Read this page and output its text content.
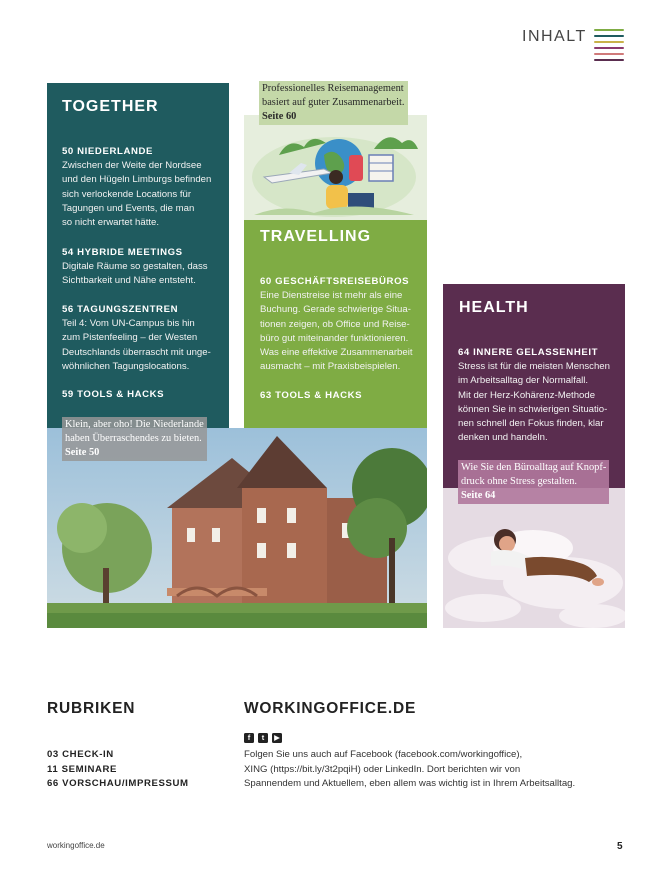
INHALT
TOGETHER
50 NIEDERLANDE
Zwischen der Weite der Nordsee
und den Hügeln Limburgs befinden
sich verlockende Locations für
Tagungen und Events, die man
so nicht erwartet hätte.
54 HYBRIDE MEETINGS
Digitale Räume so gestalten, dass
Sichtbarkeit und Nähe entsteht.
56 TAGUNGSZENTREN
Teil 4: Vom UN-Campus bis hin
zum Pistenfeeling – der Westen
Deutschlands überrascht mit unge-
wöhnlichen Tagungslocations.
59 TOOLS & HACKS
Professionelles Reisemanagement
basiert auf guter Zusammenarbeit.
Seite 60
TRAVELLING
60 GESCHÄFTSREISEBÜROS
Eine Dienstreise ist mehr als eine
Buchung. Gerade schwierige Situa-
tionen zeigen, ob Office und Reise-
büro gut miteinander funktionieren.
Was eine effektive Zusammenarbeit
ausmacht – mit Praxisbeispielen.
63 TOOLS & HACKS
Klein, aber oho! Die Niederlande
haben Überraschendes zu bieten.
Seite 50
HEALTH
64 INNERE GELASSENHEIT
Stress ist für die meisten Menschen
im Arbeitsalltag der Normalfall.
Mit der Herz-Kohärenz-Methode
können Sie in schwierigen Situatio-
nen schnell den Fokus finden, klar
denken und handeln.
Wie Sie den Büroalltag auf Knopf-
druck ohne Stress gestalten.
Seite 64
RUBRIKEN
03 CHECK-IN
11 SEMINARE
66 VORSCHAU/IMPRESSUM
WORKINGOFFICE.DE
f	t	▶
Folgen Sie uns auch auf Facebook (facebook.com/workingoffice),
XING (https://bit.ly/3t2pqiH) oder LinkedIn. Dort berichten wir von
Spannendem und Aktuellem, eben allem was wichtig ist in Ihrem Arbeitsalltag.
workingoffice.de	5
